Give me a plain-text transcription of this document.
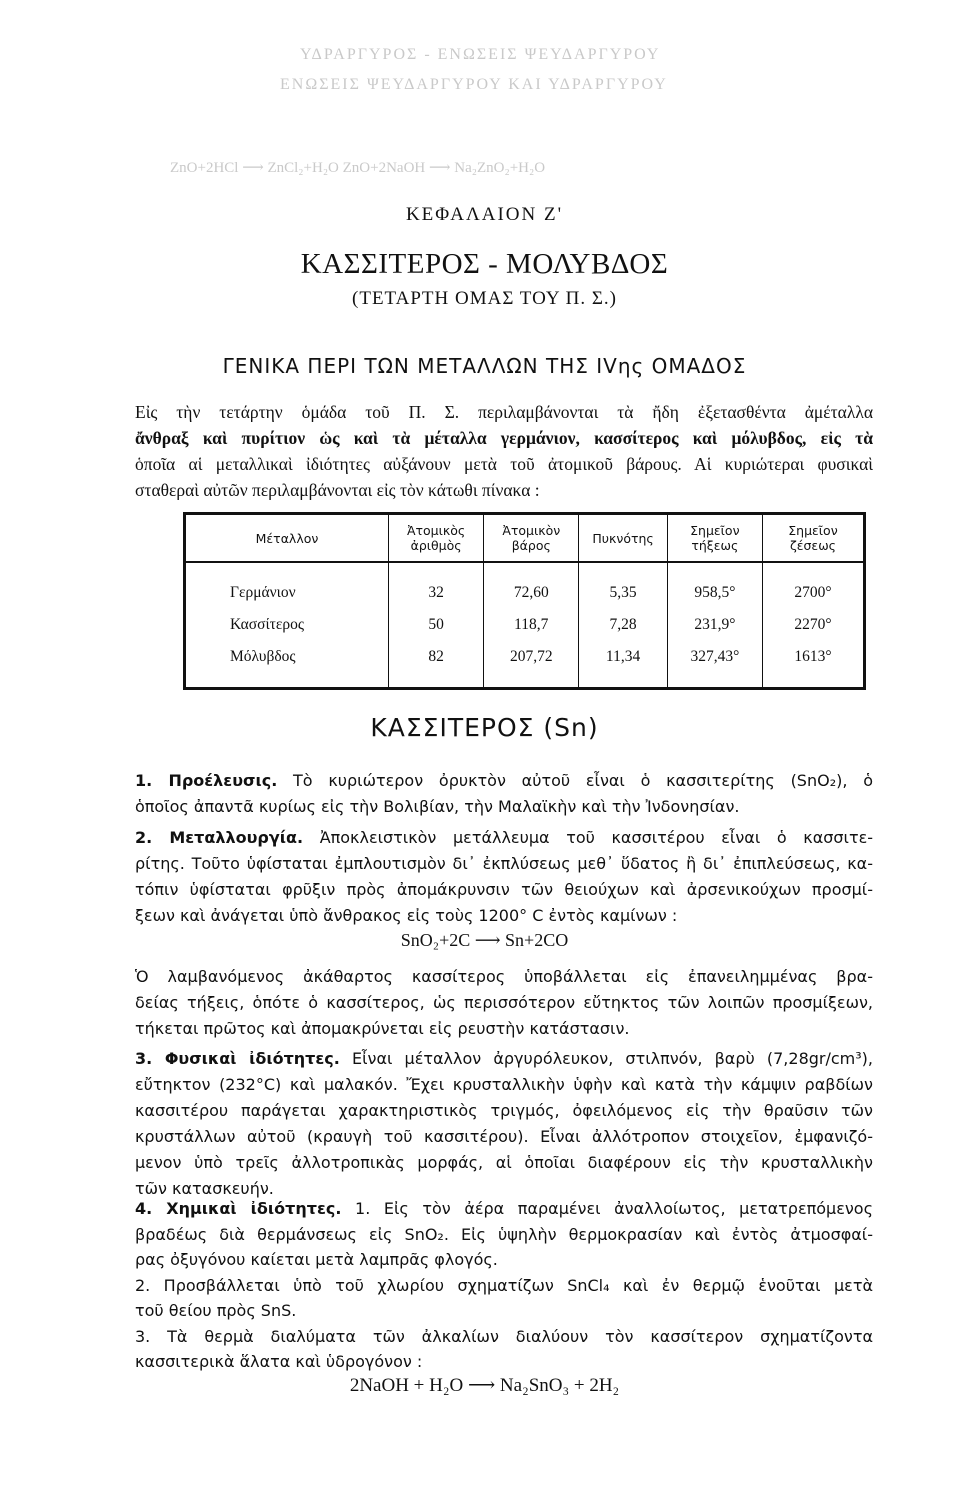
ΥΔΡΑΡΓΥΡΟΣ - ΕΝΩΣΕΙΣ ΨΕΥΔΑΡΓΥΡΟΥ
ΕΝΩΣΕΙΣ ΨΕΥΔΑΡΓΥΡΟΥ ΚΑΙ ΥΔΡΑΡΓΥΡΟΥ
ZnO+2HCl ⟶ ZnCl₂+H₂O ZnO+2NaOH ⟶ Na₂ZnO₂+H₂O
ΚΕΦΑΛΑΙΟΝ Ζ'
ΚΑΣΣΙΤΕΡΟΣ - ΜΟΛΥΒΔΟΣ
(ΤΕΤΑΡΤΗ ΟΜΑΣ ΤΟΥ Π. Σ.)
ΓΕΝΙΚΑ ΠΕΡΙ ΤΩΝ ΜΕΤΑΛΛΩΝ ΤΗΣ IVης ΟΜΑΔΟΣ
Εἰς τὴν τετάρτην ὁμάδα τοῦ Π. Σ. περιλαμβάνονται τὰ ἤδη ἐξετασθέντα ἀμέταλλα
ἄνθραξ καὶ πυρίτιον ὡς καὶ τὰ μέταλλα γερμάνιον, κασσίτερος καὶ μόλυβδος, εἰς τὰ
ὁποῖα αἱ μεταλλικαὶ ἰδιότητες αὐξάνουν μετὰ τοῦ ἀτομικοῦ βάρους. Αἱ κυριώτεραι φυσικαὶ
σταθεραὶ αὐτῶν περιλαμβάνονται εἰς τὸν κάτωθι πίνακα :
Μέταλλον	Ἀτομικὸς ἀριθμὸς	Ἀτομικὸν βάρος	Πυκνότης	Σημεῖον τήξεως	Σημεῖον ζέσεως
Γερμάνιον	32	72,60	5,35	958,5°	2700°
Κασσίτερος	50	118,7	7,28	231,9°	2270°
Μόλυβδος	82	207,72	11,34	327,43°	1613°
ΚΑΣΣΙΤΕΡΟΣ (Sn)
1. Προέλευσις. Τὸ κυριώτερον ὀρυκτὸν αὐτοῦ εἶναι ὁ κασσιτερίτης (SnO₂), ὁ
ὁποῖος ἀπαντᾶ κυρίως εἰς τὴν Βολιβίαν, τὴν Μαλαϊκὴν καὶ τὴν Ἰνδονησίαν.
2. Μεταλλουργία. Ἀποκλειστικὸν μετάλλευμα τοῦ κασσιτέρου εἶναι ὁ κασσιτε-
ρίτης. Τοῦτο ὑφίσταται ἐμπλουτισμὸν δι᾽ ἐκπλύσεως μεθ᾽ ὕδατος ἢ δι᾽ ἐπιπλεύσεως, κα-
τόπιν ὑφίσταται φρῦξιν πρὸς ἀπομάκρυνσιν τῶν θειούχων καὶ ἀρσενικούχων προσμί-
ξεων καὶ ἀνάγεται ὑπὸ ἄνθρακος εἰς τοὺς 1200° C ἐντὸς καμίνων :
SnO₂+2C ⟶ Sn+2CO
Ὁ λαμβανόμενος ἀκάθαρτος κασσίτερος ὑποβάλλεται εἰς ἐπανειλημμένας βρα-
δείας τήξεις, ὁπότε ὁ κασσίτερος, ὡς περισσότερον εὔτηκτος τῶν λοιπῶν προσμίξεων,
τήκεται πρῶτος καὶ ἀπομακρύνεται εἰς ρευστὴν κατάστασιν.
3. Φυσικαὶ ἰδιότητες. Εἶναι μέταλλον ἀργυρόλευκον, στιλπνόν, βαρὺ (7,28gr/cm³),
εὔτηκτον (232°C) καὶ μαλακόν. Ἔχει κρυσταλλικὴν ὑφὴν καὶ κατὰ τὴν κάμψιν ραβδίων
κασσιτέρου παράγεται χαρακτηριστικὸς τριγμός, ὀφειλόμενος εἰς τὴν θραῦσιν τῶν
κρυστάλλων αὐτοῦ (κραυγὴ τοῦ κασσιτέρου). Εἶναι ἀλλότροπον στοιχεῖον, ἐμφανιζό-
μενον ὑπὸ τρεῖς ἀλλοτροπικὰς μορφάς, αἱ ὁποῖαι διαφέρουν εἰς τὴν κρυσταλλικὴν
τῶν κατασκευήν.
4. Χημικαὶ ἰδιότητες. 1. Εἰς τὸν ἀέρα παραμένει ἀναλλοίωτος, μετατρεπόμενος
βραδέως διὰ θερμάνσεως εἰς SnO₂. Εἰς ὑψηλὴν θερμοκρασίαν καὶ ἐντὸς ἀτμοσφαί-
ρας ὀξυγόνου καίεται μετὰ λαμπρᾶς φλογός.
2. Προσβάλλεται ὑπὸ τοῦ χλωρίου σχηματίζων SnCl₄ καὶ ἐν θερμῷ ἑνοῦται μετὰ
τοῦ θείου πρὸς SnS.
3. Τὰ θερμὰ διαλύματα τῶν ἀλκαλίων διαλύουν τὸν κασσίτερον σχηματίζοντα
κασσιτερικὰ ἅλατα καὶ ὑδρογόνον :
2NaOH + H₂O ⟶ Na₂SnO₃ + 2H₂
